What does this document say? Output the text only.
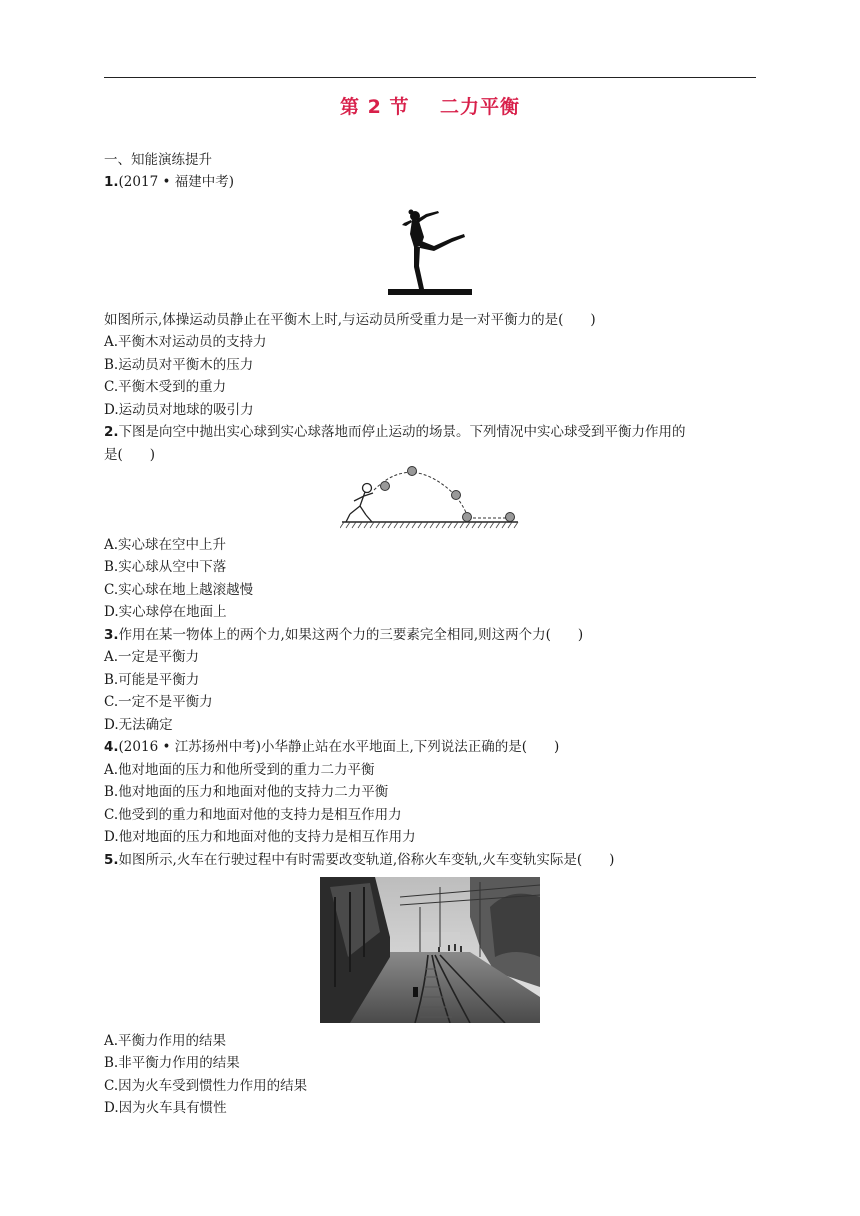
第 2 节    二力平衡
一、知能演练提升
1.(2017 • 福建中考)
如图所示,体操运动员静止在平衡木上时,与运动员所受重力是一对平衡力的是(　　)
A.平衡木对运动员的支持力
B.运动员对平衡木的压力
C.平衡木受到的重力
D.运动员对地球的吸引力
2.下图是向空中抛出实心球到实心球落地而停止运动的场景。下列情况中实心球受到平衡力作用的
是(　　)
A.实心球在空中上升
B.实心球从空中下落
C.实心球在地上越滚越慢
D.实心球停在地面上
3.作用在某一物体上的两个力,如果这两个力的三要素完全相同,则这两个力(　　)
A.一定是平衡力
B.可能是平衡力
C.一定不是平衡力
D.无法确定
4.(2016 • 江苏扬州中考)小华静止站在水平地面上,下列说法正确的是(　　)
A.他对地面的压力和他所受到的重力二力平衡
B.他对地面的压力和地面对他的支持力二力平衡
C.他受到的重力和地面对他的支持力是相互作用力
D.他对地面的压力和地面对他的支持力是相互作用力
5.如图所示,火车在行驶过程中有时需要改变轨道,俗称火车变轨,火车变轨实际是(　　)
A.平衡力作用的结果
B.非平衡力作用的结果
C.因为火车受到惯性力作用的结果
D.因为火车具有惯性
